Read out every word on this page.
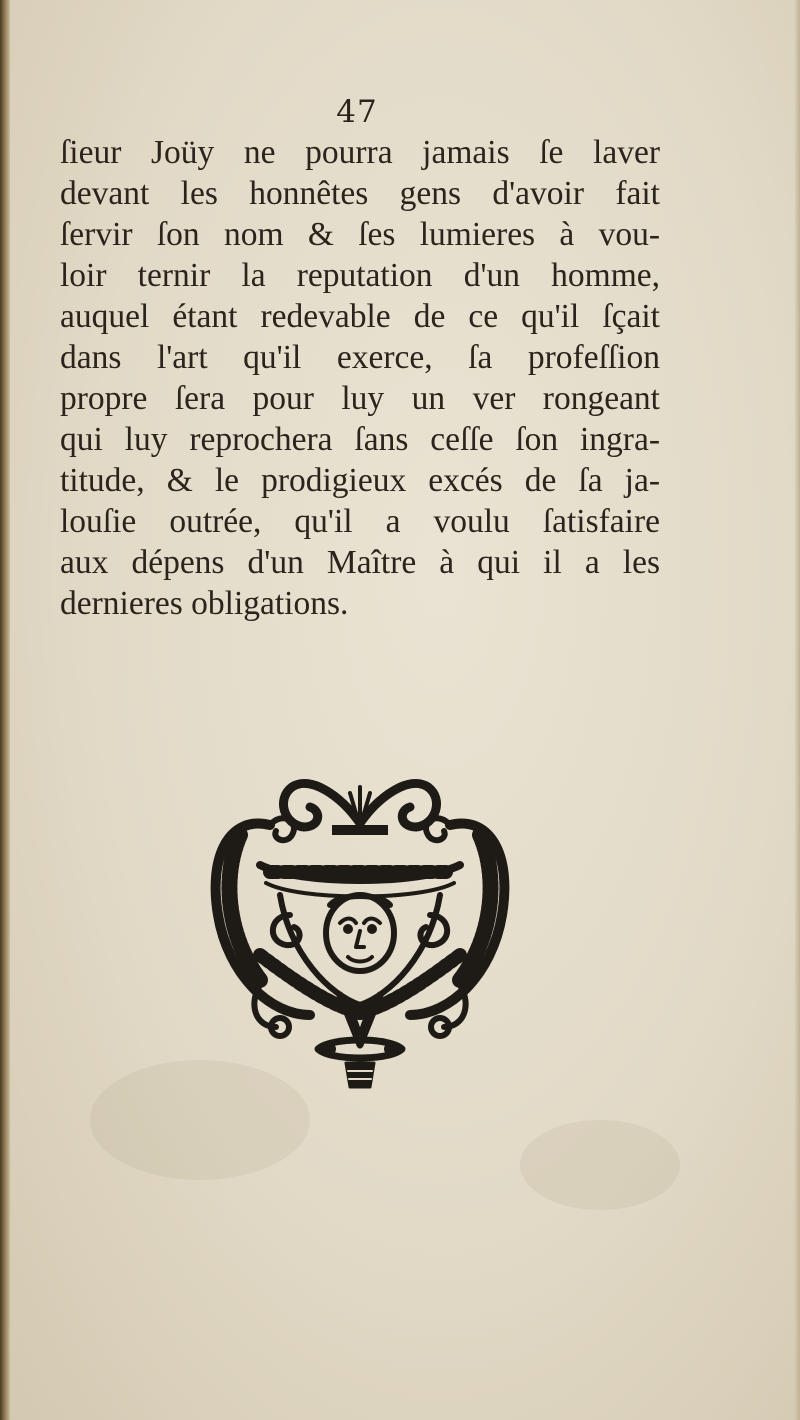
47
ſieur Joüy ne pourra jamais ſe laver
devant les honnêtes gens d'avoir fait
ſervir ſon nom & ſes lumieres à vou-
loir ternir la reputation d'un homme,
auquel étant redevable de ce qu'il ſçait
dans l'art qu'il exerce, ſa profeſſion
propre ſera pour luy un ver rongeant
qui luy reprochera ſans ceſſe ſon ingra-
titude, & le prodigieux excés de ſa ja-
louſie outrée, qu'il a voulu ſatisfaire
aux dépens d'un Maître à qui il a les
dernieres obligations.
